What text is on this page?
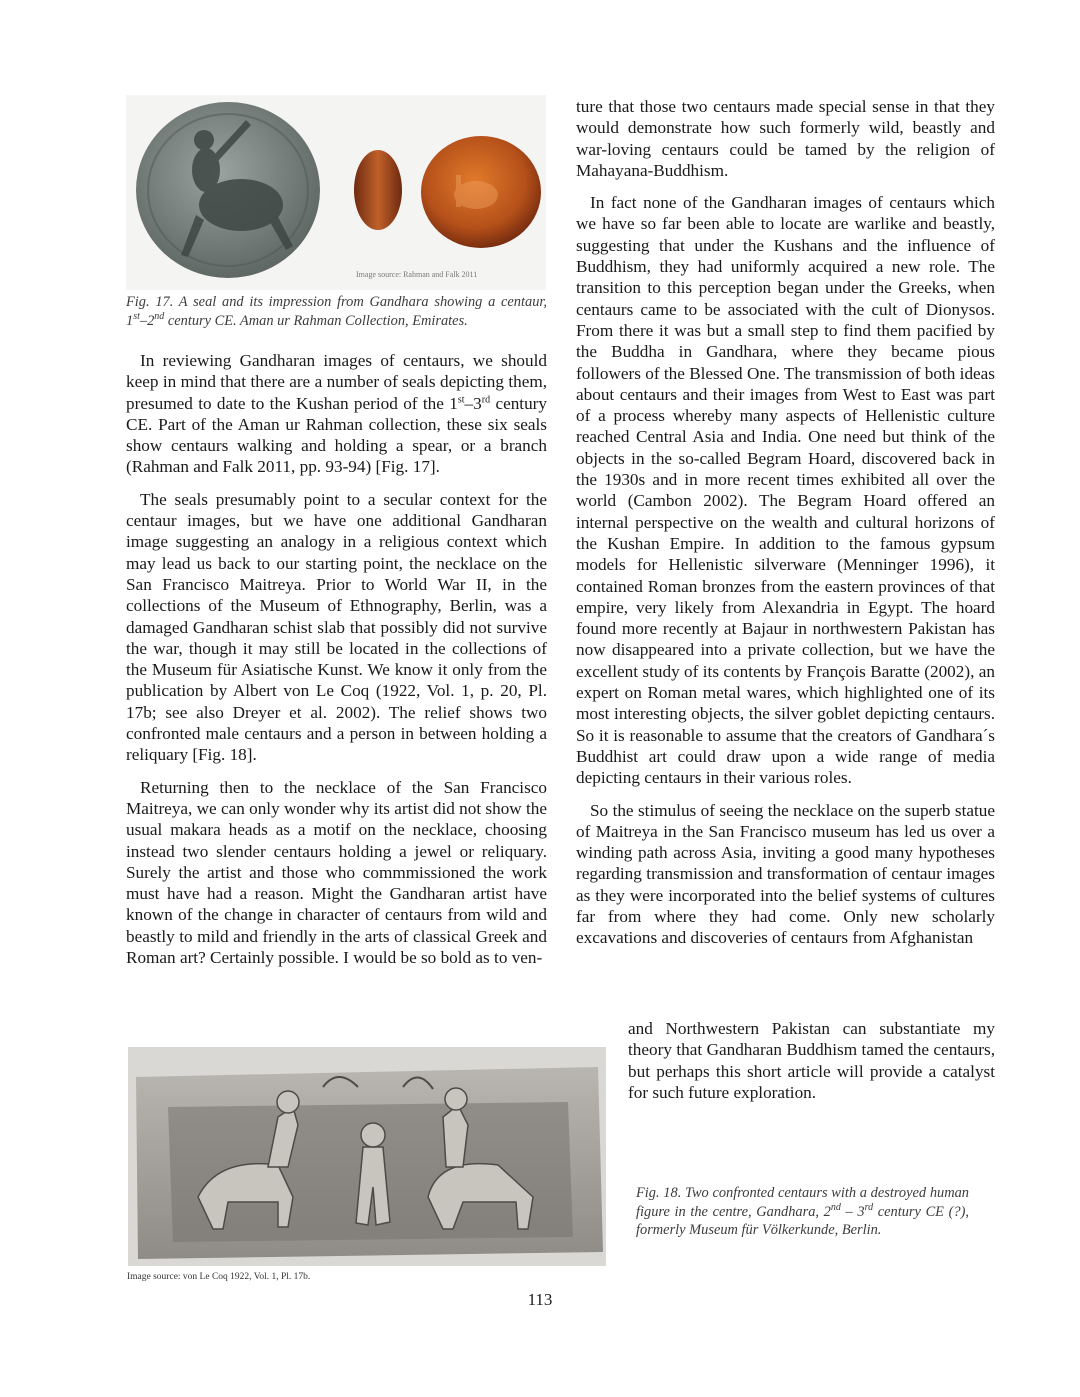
Image source: Rahman and Falk 2011
Fig. 17. A seal and its impression from Gandhara showing a centaur, 1st–2nd century CE. Aman ur Rahman Collection, Emirates.

In reviewing Gandharan images of centaurs, we should keep in mind that there are a number of seals depicting them, presumed to date to the Kushan period of the 1st–3rd century CE. Part of the Aman ur Rahman collection, these six seals show centaurs walking and holding a spear, or a branch (Rahman and Falk 2011, pp. 93-94) [Fig. 17].

The seals presumably point to a secular context for the centaur images, but we have one additional Gandharan image suggesting an analogy in a religious context which may lead us back to our starting point, the necklace on the San Francisco Maitreya. Prior to World War II, in the collections of the Museum of Ethnography, Berlin, was a damaged Gandharan schist slab that possibly did not survive the war, though it may still be located in the collections of the Museum für Asiatische Kunst. We know it only from the publication by Albert von Le Coq (1922, Vol. 1, p. 20, Pl. 17b; see also Dreyer et al. 2002). The relief shows two confronted male centaurs and a person in between holding a reliquary [Fig. 18].

Returning then to the necklace of the San Francisco Maitreya, we can only wonder why its artist did not show the usual makara heads as a motif on the necklace, choosing instead two slender centaurs holding a jewel or reliquary. Surely the artist and those who commmissioned the work must have had a reason. Might the Gandharan artist have known of the change in character of centaurs from wild and beastly to mild and friendly in the arts of classical Greek and Roman art? Certainly possible. I would be so bold as to ven-

ture that those two centaurs made special sense in that they would demonstrate how such formerly wild, beastly and war-loving centaurs could be tamed by the religion of Mahayana-Buddhism.

In fact none of the Gandharan images of centaurs which we have so far been able to locate are warlike and beastly, suggesting that under the Kushans and the influence of Buddhism, they had uniformly acquired a new role. The transition to this perception began under the Greeks, when centaurs came to be associated with the cult of Dionysos. From there it was but a small step to find them pacified by the Buddha in Gandhara, where they became pious followers of the Blessed One. The transmission of both ideas about centaurs and their images from West to East was part of a process whereby many aspects of Hellenistic culture reached Central Asia and India. One need but think of the objects in the so-called Begram Hoard, discovered back in the 1930s and in more recent times exhibited all over the world (Cambon 2002). The Begram Hoard offered an internal perspective on the wealth and cultural horizons of the Kushan Empire. In addition to the famous gypsum models for Hellenistic silverware (Menninger 1996), it contained Roman bronzes from the eastern provinces of that empire, very likely from Alexandria in Egypt. The hoard found more recently at Bajaur in northwestern Pakistan has now disappeared into a private collection, but we have the excellent study of its contents by François Baratte (2002), an expert on Roman metal wares, which highlighted one of its most interesting objects, the silver goblet depicting centaurs. So it is reasonable to assume that the creators of Gandhara´s Buddhist art could draw upon a wide range of media depicting centaurs in their various roles.

So the stimulus of seeing the necklace on the superb statue of Maitreya in the San Francisco museum has led us over a winding path across Asia, inviting a good many hypotheses regarding transmission and transformation of centaur images as they were incorporated into the belief systems of cultures far from where they had come. Only new scholarly excavations and discoveries of centaurs from Afghanistan

and Northwestern Pakistan can substantiate my theory that Gandharan Buddhism tamed the centaurs, but perhaps this short article will provide a catalyst for such future exploration.

Fig. 18. Two confronted centaurs with a destroyed human figure in the centre, Gandhara, 2nd – 3rd century CE (?), formerly Museum für Völkerkunde, Berlin.
Image source: von Le Coq 1922, Vol. 1, Pl. 17b.
113
